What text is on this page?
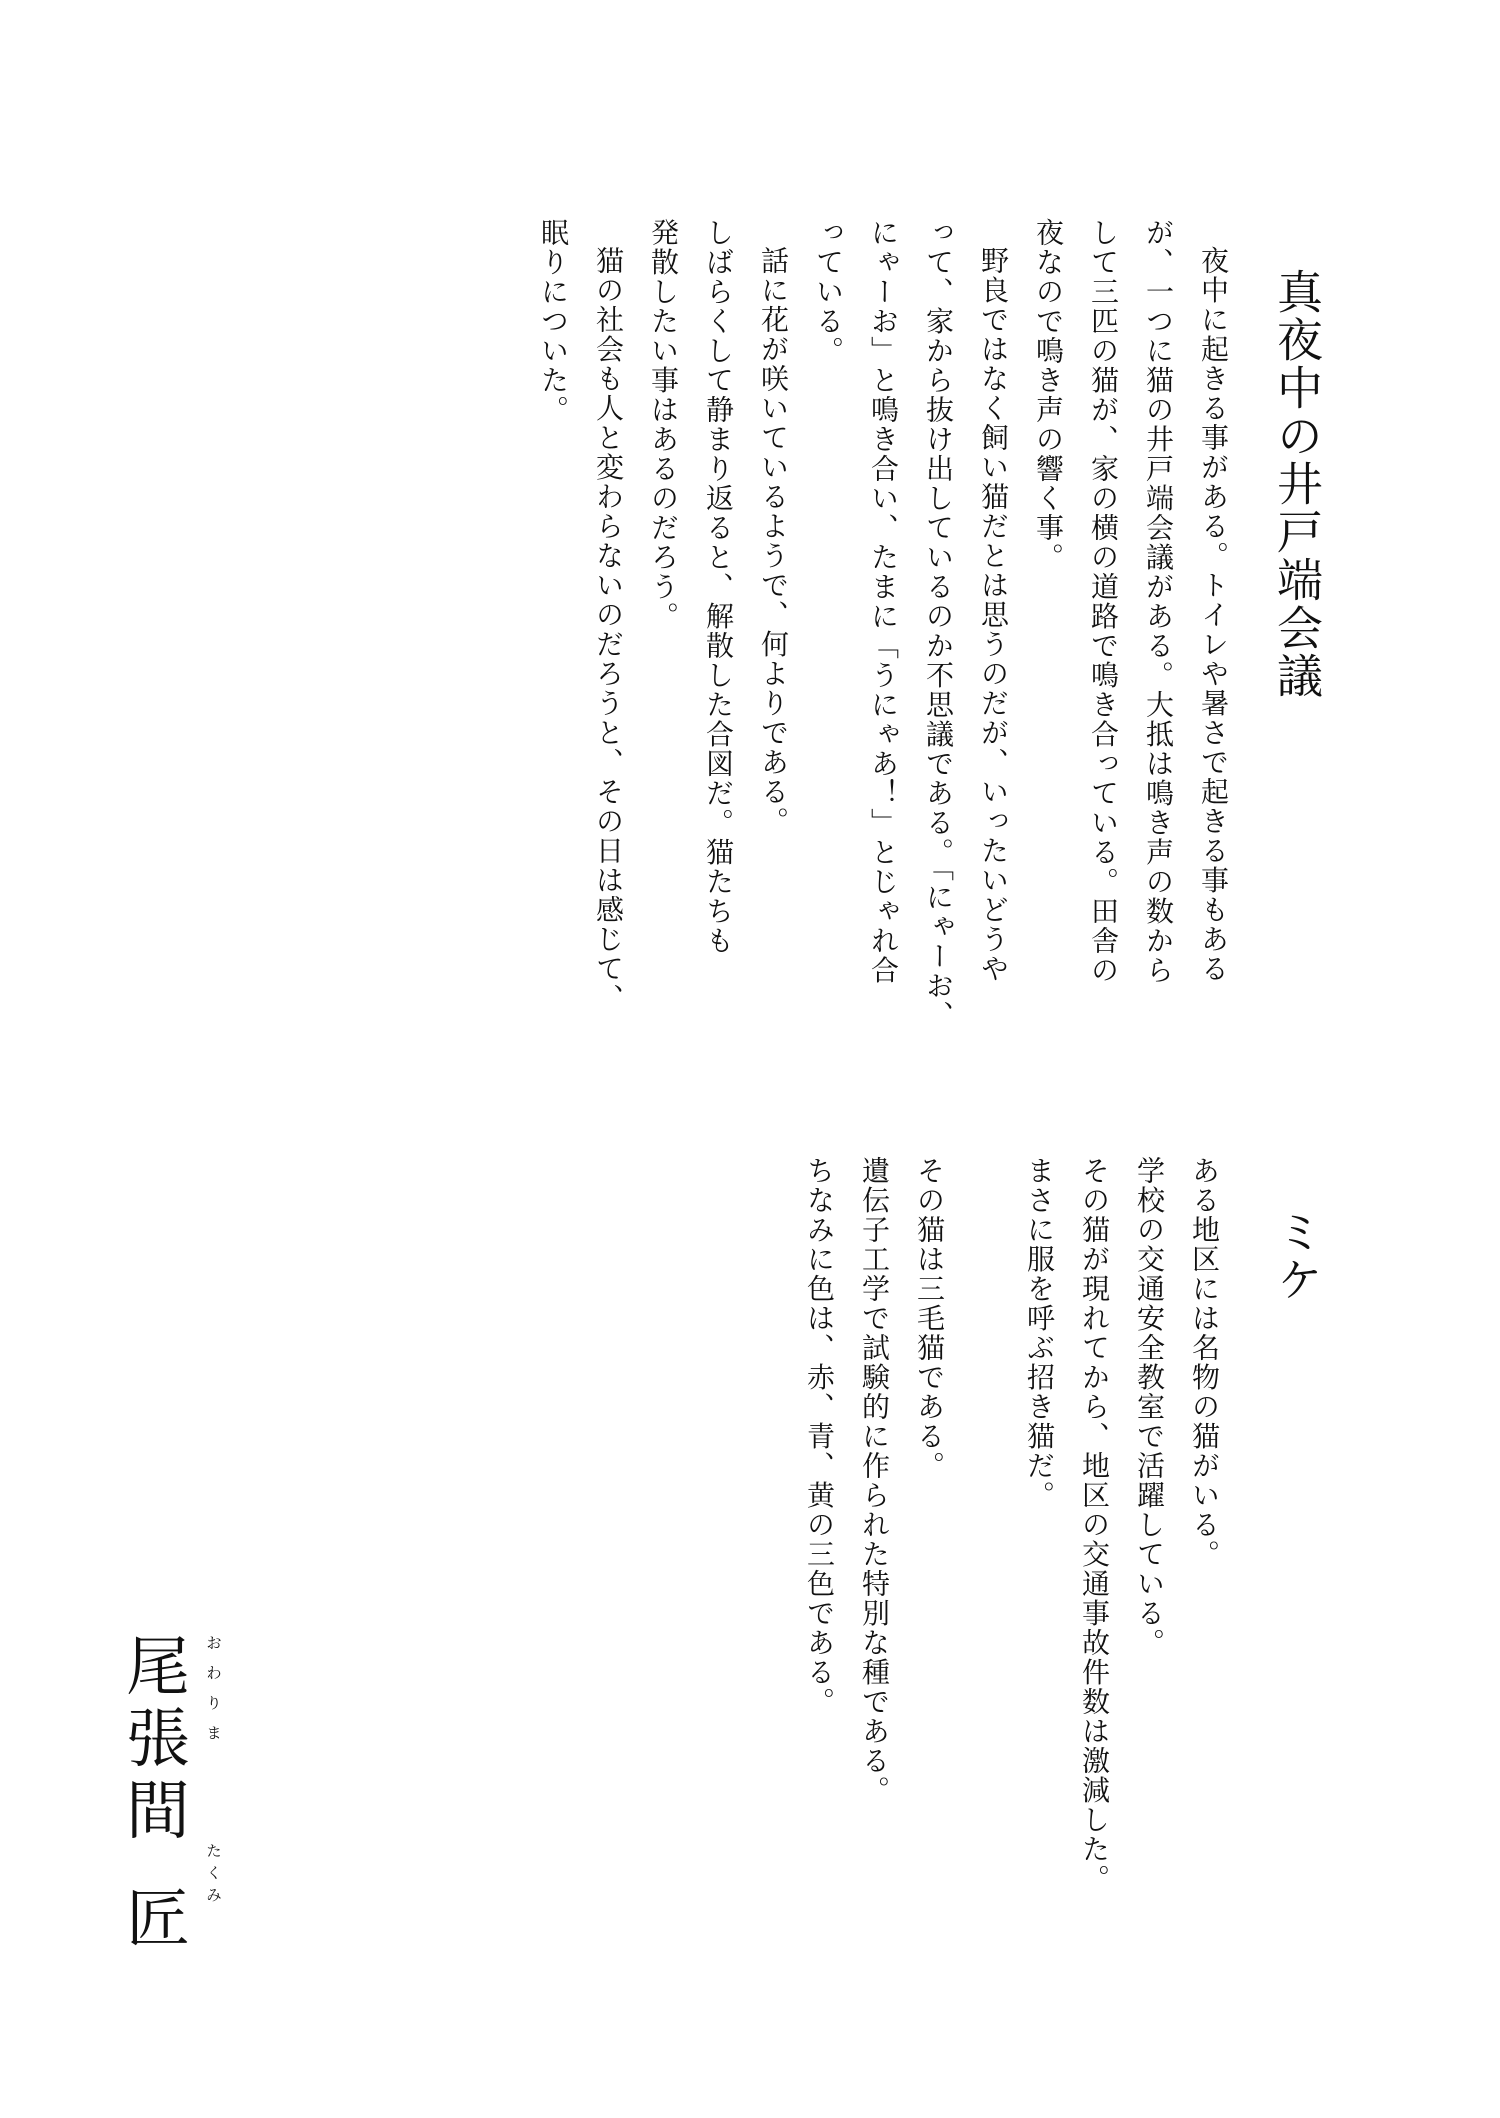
真夜中の井戸端会議

夜中に起きる事がある。トイレや暑さで起きる事もある

が、一つに猫の井戸端会議がある。大抵は鳴き声の数から

して三匹の猫が、家の横の道路で鳴き合っている。田舎の

夜なので鳴き声の響く事。

野良ではなく飼い猫だとは思うのだが、いったいどうや

って、家から抜け出しているのか不思議である。「にゃーお、

にゃーお」と鳴き合い、たまに「うにゃあ！」とじゃれ合

っている。

話に花が咲いているようで、何よりである。

しばらくして静まり返ると、解散した合図だ。猫たちも

発散したい事はあるのだろう。

猫の社会も人と変わらないのだろうと、その日は感じて、

眠りについた。

ミケ

ある地区には名物の猫がいる。

学校の交通安全教室で活躍している。

その猫が現れてから、地区の交通事故件数は激減した。

まさに服を呼ぶ招き猫だ。

その猫は三毛猫である。

遺伝子工学で試験的に作られた特別な種である。

ちなみに色は、赤、青、黄の三色である。

尾
張
間
匠
お
わ
り
ま
た
く
み
